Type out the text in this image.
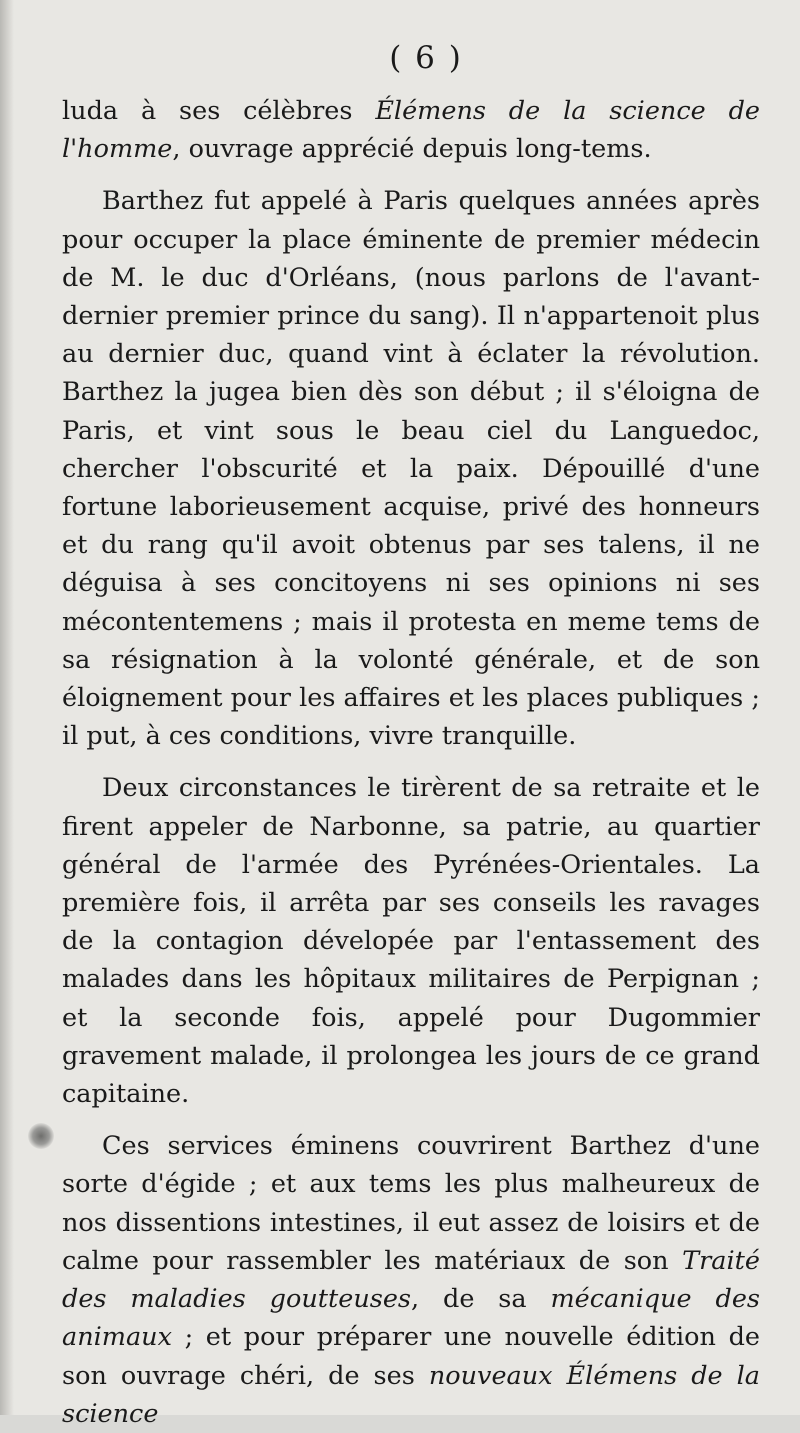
( 6 )

luda à ses célèbres Élémens de la science de l'homme, ouvrage apprécié depuis long-tems.

Barthez fut appelé à Paris quelques années après pour occuper la place éminente de premier médecin de M. le duc d'Orléans, (nous parlons de l'avant-dernier premier prince du sang). Il n'appartenoit plus au dernier duc, quand vint à éclater la révolution. Barthez la jugea bien dès son début ; il s'éloigna de Paris, et vint sous le beau ciel du Languedoc, chercher l'obscurité et la paix. Dépouillé d'une fortune laborieusement acquise, privé des honneurs et du rang qu'il avoit obtenus par ses talens, il ne déguisa à ses concitoyens ni ses opinions ni ses mécontentemens ; mais il protesta en meme tems de sa résignation à la volonté générale, et de son éloignement pour les affaires et les places publiques ; il put, à ces conditions, vivre tranquille.

Deux circonstances le tirèrent de sa retraite et le firent appeler de Narbonne, sa patrie, au quartier général de l'armée des Pyrénées-Orientales. La première fois, il arrêta par ses conseils les ravages de la contagion dévelopée par l'entassement des malades dans les hôpitaux militaires de Perpignan ; et la seconde fois, appelé pour Dugommier gravement malade, il prolongea les jours de ce grand capitaine.

Ces services éminens couvrirent Barthez d'une sorte d'égide ; et aux tems les plus malheureux de nos dissentions intestines, il eut assez de loisirs et de calme pour rassembler les matériaux de son Traité des maladies goutteuses, de sa mécanique des animaux ; et pour préparer une nouvelle édition de son ouvrage chéri, de ses nouveaux Élémens de la science
